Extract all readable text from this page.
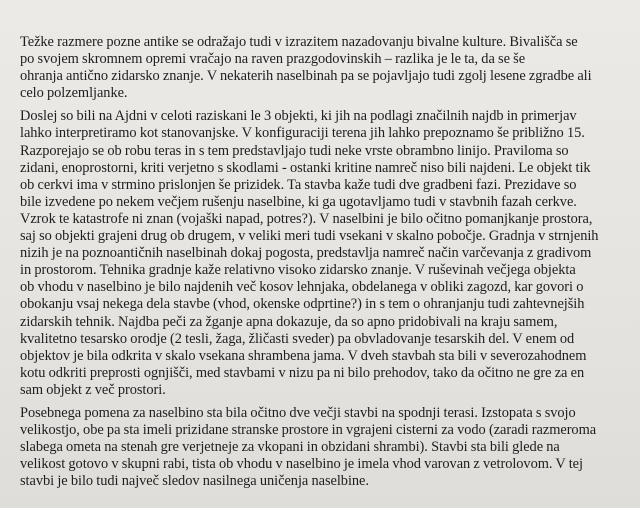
Težke razmere pozne antike se odražajo tudi v izrazitem nazadovanju bivalne kulture. Bivališča se
po svojem skromnem opremi vračajo na raven prazgodovinskih – razlika je le ta, da se še
ohranja antično zidarsko znanje. V nekaterih naselbinah pa se pojavljajo tudi zgolj lesene zgradbe ali
celo polzemljanke.

Doslej so bili na Ajdni v celoti raziskani le 3 objekti, ki jih na podlagi značilnih najdb in primerjav
lahko interpretiramo kot stanovanjske. V konfiguraciji terena jih lahko prepoznamo še približno 15.
Razporejajo se ob robu teras in s tem predstavljajo tudi neke vrste obrambno linijo. Praviloma so
zidani, enoprostorni, kriti verjetno s skodlami - ostanki kritine namreč niso bili najdeni. Le objekt tik
ob cerkvi ima v strmino prislonjen še prizidek. Ta stavba kaže tudi dve gradbeni fazi. Prezidave so
bile izvedene po nekem večjem rušenju naselbine, ki ga ugotavljamo tudi v stavbnih fazah cerkve.
Vzrok te katastrofe ni znan (vojaški napad, potres?). V naselbini je bilo očitno pomanjkanje prostora,
saj so objekti grajeni drug ob drugem, v veliki meri tudi vsekani v skalno pobočje. Gradnja v strnjenih
nizih je na poznoantičnih naselbinah dokaj pogosta, predstavlja namreč način varčevanja z gradivom
in prostorom. Tehnika gradnje kaže relativno visoko zidarsko znanje. V ruševinah večjega objekta
ob vhodu v naselbino je bilo najdenih več kosov lehnjaka, obdelanega v obliki zagozd, kar govori o
obokanju vsaj nekega dela stavbe (vhod, okenske odprtine?) in s tem o ohranjanju tudi zahtevnejših
zidarskih tehnik. Najdba peči za žganje apna dokazuje, da so apno pridobivali na kraju samem,
kvalitetno tesarsko orodje (2 tesli, žaga, žličasti sveder) pa obvladovanje tesarskih del. V enem od
objektov je bila odkrita v skalo vsekana shrambena jama. V dveh stavbah sta bili v severozahodnem
kotu odkriti preprosti ognjišči, med stavbami v nizu pa ni bilo prehodov, tako da očitno ne gre za en
sam objekt z več prostori.

Posebnega pomena za naselbino sta bila očitno dve večji stavbi na spodnji terasi. Izstopata s svojo
velikostjo, obe pa sta imeli prizidane stranske prostore in vgrajeni cisterni za vodo (zaradi razmeroma
slabega ometa na stenah gre verjetneje za vkopani in obzidani shrambi). Stavbi sta bili glede na
velikost gotovo v skupni rabi, tista ob vhodu v naselbino je imela vhod varovan z vetrolovom. V tej
stavbi je bilo tudi največ sledov nasilnega uničenja naselbine.
